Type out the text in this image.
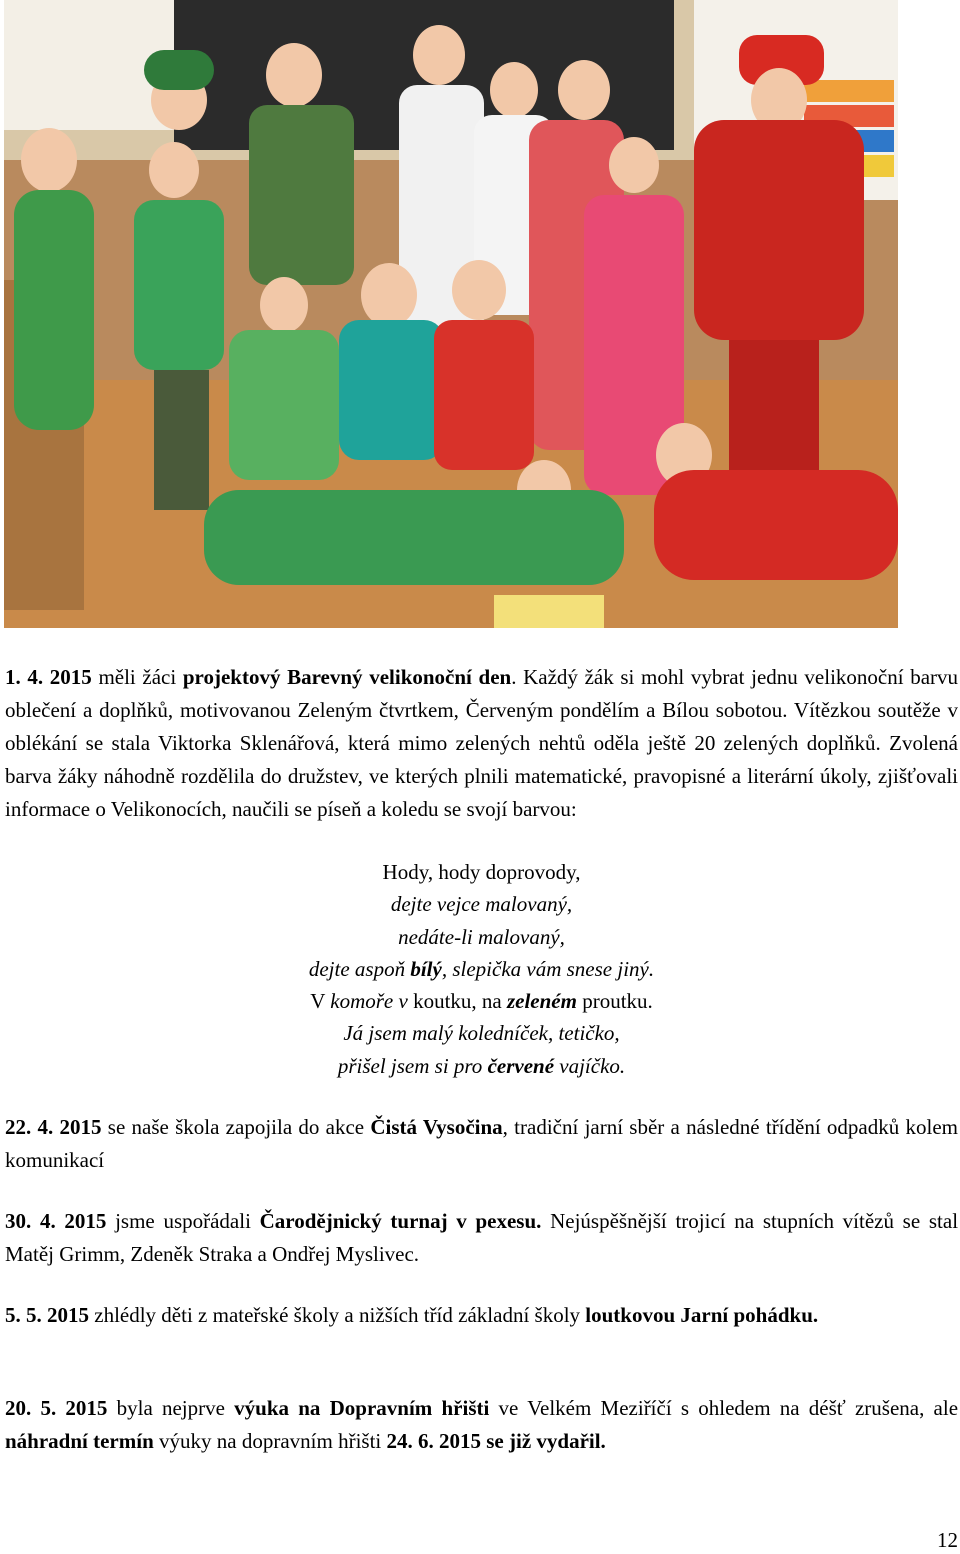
1. 4. 2015 měli žáci projektový Barevný velikonoční den. Každý žák si mohl vybrat jednu velikonoční barvu oblečení a doplňků, motivovanou Zeleným čtvrtkem, Červeným pondělím a Bílou sobotou. Vítězkou soutěže v oblékání se stala Viktorka Sklenářová, která mimo zelených nehtů oděla ještě 20 zelených doplňků. Zvolená barva žáky náhodně rozdělila do družstev, ve kterých plnili matematické, pravopisné a literární úkoly, zjišťovali informace o Velikonocích, naučili se píseň a koledu se svojí barvou:
Hody, hody doprovody,
dejte vejce malovaný,
nedáte-li malovaný,
dejte aspoň bílý, slepička vám snese jiný.
V komoře v koutku, na zeleném proutku.
Já jsem malý koledníček, tetičko,
přišel jsem si pro červené vajíčko.
22. 4. 2015 se naše škola zapojila do akce Čistá Vysočina, tradiční jarní sběr a následné třídění odpadků kolem komunikací
30. 4. 2015 jsme uspořádali Čarodějnický turnaj v pexesu. Nejúspěšnější trojicí na stupních vítězů se stal Matěj Grimm, Zdeněk Straka a Ondřej Myslivec.
5. 5. 2015 zhlédly děti z mateřské školy a nižších tříd základní školy loutkovou Jarní pohádku.
20. 5. 2015 byla nejprve výuka na Dopravním hřišti ve Velkém Meziříčí s ohledem na déšť zrušena, ale náhradní termín výuky na dopravním hřišti 24. 6. 2015 se již vydařil.
12
